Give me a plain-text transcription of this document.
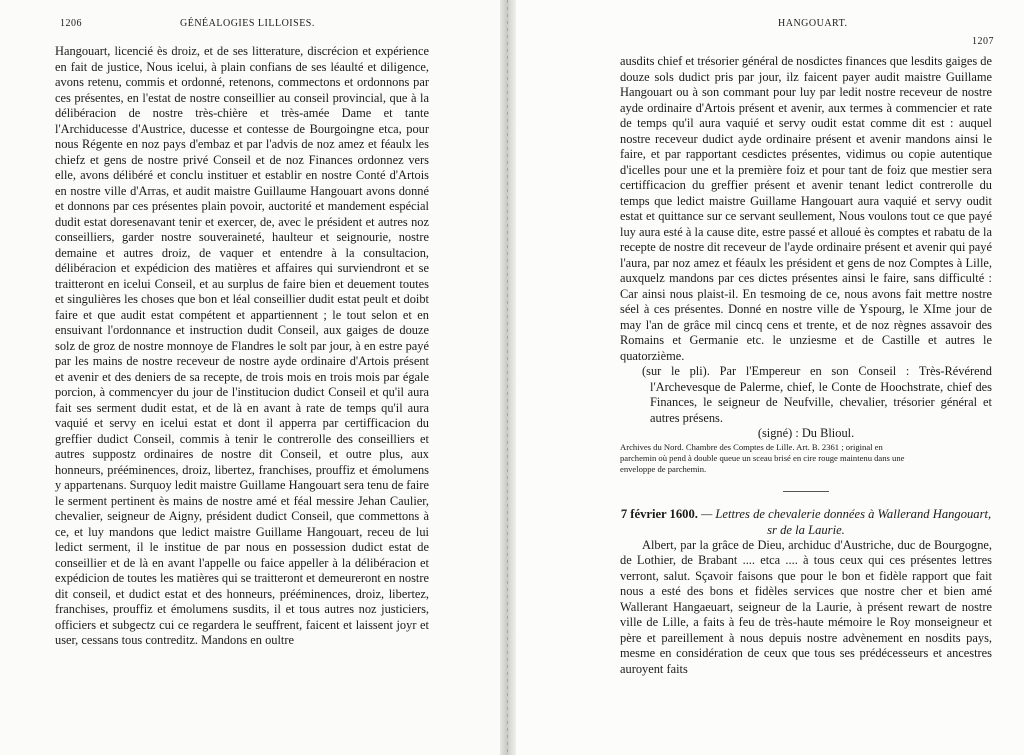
1206	GÉNÉALOGIES LILLOISES.

Hangouart, licencié ès droiz, et de ses litterature, discrécion et expérience en fait de justice, Nous icelui, à plain confians de ses léaulté et diligence, avons retenu, commis et ordonné, retenons, commectons et ordonnons par ces présentes, en l'estat de nostre conseillier au conseil provincial, que à la délibéracion de nostre très-chière et très-amée Dame et tante l'Archiducesse d'Austrice, ducesse et contesse de Bourgoingne etca, pour nous Régente en noz pays d'embaz et par l'advis de noz amez et féaulx les chiefz et gens de nostre privé Conseil et de noz Finances ordonnez vers elle, avons délibéré et conclu instituer et establir en nostre Conté d'Artois en nostre ville d'Arras, et audit maistre Guillaume Hangouart avons donné et donnons par ces présentes plain povoir, auctorité et mandement espécial dudit estat doresenavant tenir et exercer, de, avec le président et autres noz conseilliers, garder nostre souveraineté, haulteur et seignourie, nostre demaine et autres droiz, de vaquer et entendre à la consultacion, délibéracion et expédicion des matières et affaires qui surviendront et se traitteront en icelui Conseil, et au surplus de faire bien et deuement toutes et singulières les choses que bon et léal conseillier dudit estat peult et doibt faire et que audit estat compétent et appartiennent ; le tout selon et en ensuivant l'ordonnance et instruction dudit Conseil, aux gaiges de douze solz de groz de nostre monnoye de Flandres le solt par jour, à en estre payé par les mains de nostre receveur de nostre ayde ordinaire d'Artois présent et avenir et des deniers de sa recepte, de trois mois en trois mois par égale porcion, à commencyer du jour de l'institucion dudict Conseil et qu'il aura fait ses serment dudit estat, et de là en avant à rate de temps qu'il aura vaquié et servy en icelui estat et dont il apperra par certifficacion du greffier dudict Conseil, commis à tenir le contrerolle des conseilliers et autres suppostz ordinaires de nostre dit Conseil, et outre plus, aux honneurs, prééminences, droiz, libertez, franchises, prouffiz et émolumens y appartenans. Surquoy ledit maistre Guillame Hangouart sera tenu de faire le serment pertinent ès mains de nostre amé et féal messire Jehan Caulier, chevalier, seigneur de Aigny, président dudict Conseil, que commettons à ce, et luy mandons que ledict maistre Guillame Hangouart, receu de lui ledict serment, il le institue de par nous en possession dudict estat de conseillier et de là en avant l'appelle ou faice appeller à la délibéracion et expédicion de toutes les matières qui se traitteront et demeureront en nostre dit conseil, et dudict estat et des honneurs, prééminences, droiz, libertez, franchises, prouffiz et émolumens susdits, il et tous autres noz justiciers, officiers et subgectz cui ce regardera le seuffrent, faicent et laissent joyr et user, cessans tous contreditz. Mandons en oultre

HANGOUART.
1207

ausdits chief et trésorier général de nosdictes finances que lesdits gaiges de douze sols dudict pris par jour, ilz faicent payer audit maistre Guillame Hangouart ou à son commant pour luy par ledit nostre receveur de nostre ayde ordinaire d'Artois présent et avenir, aux termes à commencier et rate de temps qu'il aura vaquié et servy oudit estat comme dit est : auquel nostre receveur dudict ayde ordinaire présent et avenir mandons ainsi le faire, et par rapportant cesdictes présentes, vidimus ou copie autentique d'icelles pour une et la première foiz et pour tant de foiz que mestier sera certifficacion du greffier présent et avenir tenant ledict contrerolle du temps que ledict maistre Guillame Hangouart aura vaquié et servy oudit estat et quittance sur ce servant seullement, Nous voulons tout ce que payé luy aura esté à la cause dite, estre passé et alloué ès comptes et rabatu de la recepte de nostre dit receveur de l'ayde ordinaire présent et avenir qui payé l'aura, par noz amez et féaulx les président et gens de noz Comptes à Lille, auxquelz mandons par ces dictes présentes ainsi le faire, sans difficulté : Car ainsi nous plaist-il. En tesmoing de ce, nous avons fait mettre nostre séel à ces présentes. Donné en nostre ville de Yspourg, le XIme jour de may l'an de grâce mil cincq cens et trente, et de noz règnes assavoir des Romains et Germanie etc. le unziesme et de Castille et autres le quatorzième.

(sur le pli). Par l'Empereur en son Conseil : Très-Révérend l'Archevesque de Palerme, chief, le Conte de Hoochstrate, chief des Finances, le seigneur de Neufville, chevalier, trésorier général et autres présens.

(signé) : Du Blioul.

Archives du Nord. Chambre des Comptes de Lille. Art. B. 2361 ; original en parchemin où pend à double queue un sceau brisé en cire rouge maintenu dans une enveloppe de parchemin.

7 février 1600. — Lettres de chevalerie données à Wallerand Hangouart, sr de la Laurie.

Albert, par la grâce de Dieu, archiduc d'Austriche, duc de Bourgogne, de Lothier, de Brabant .... etca .... à tous ceux qui ces présentes lettres verront, salut. Sçavoir faisons que pour le bon et fidèle rapport que fait nous a esté des bons et fidèles services que nostre cher et bien amé Wallerant Hangaeuart, seigneur de la Laurie, à présent rewart de nostre ville de Lille, a faits à feu de très-haute mémoire le Roy monseigneur et père et pareillement à nous depuis nostre advènement en nosdits pays, mesme en considération de ceux que tous ses prédécesseurs et ancestres auroyent faits
